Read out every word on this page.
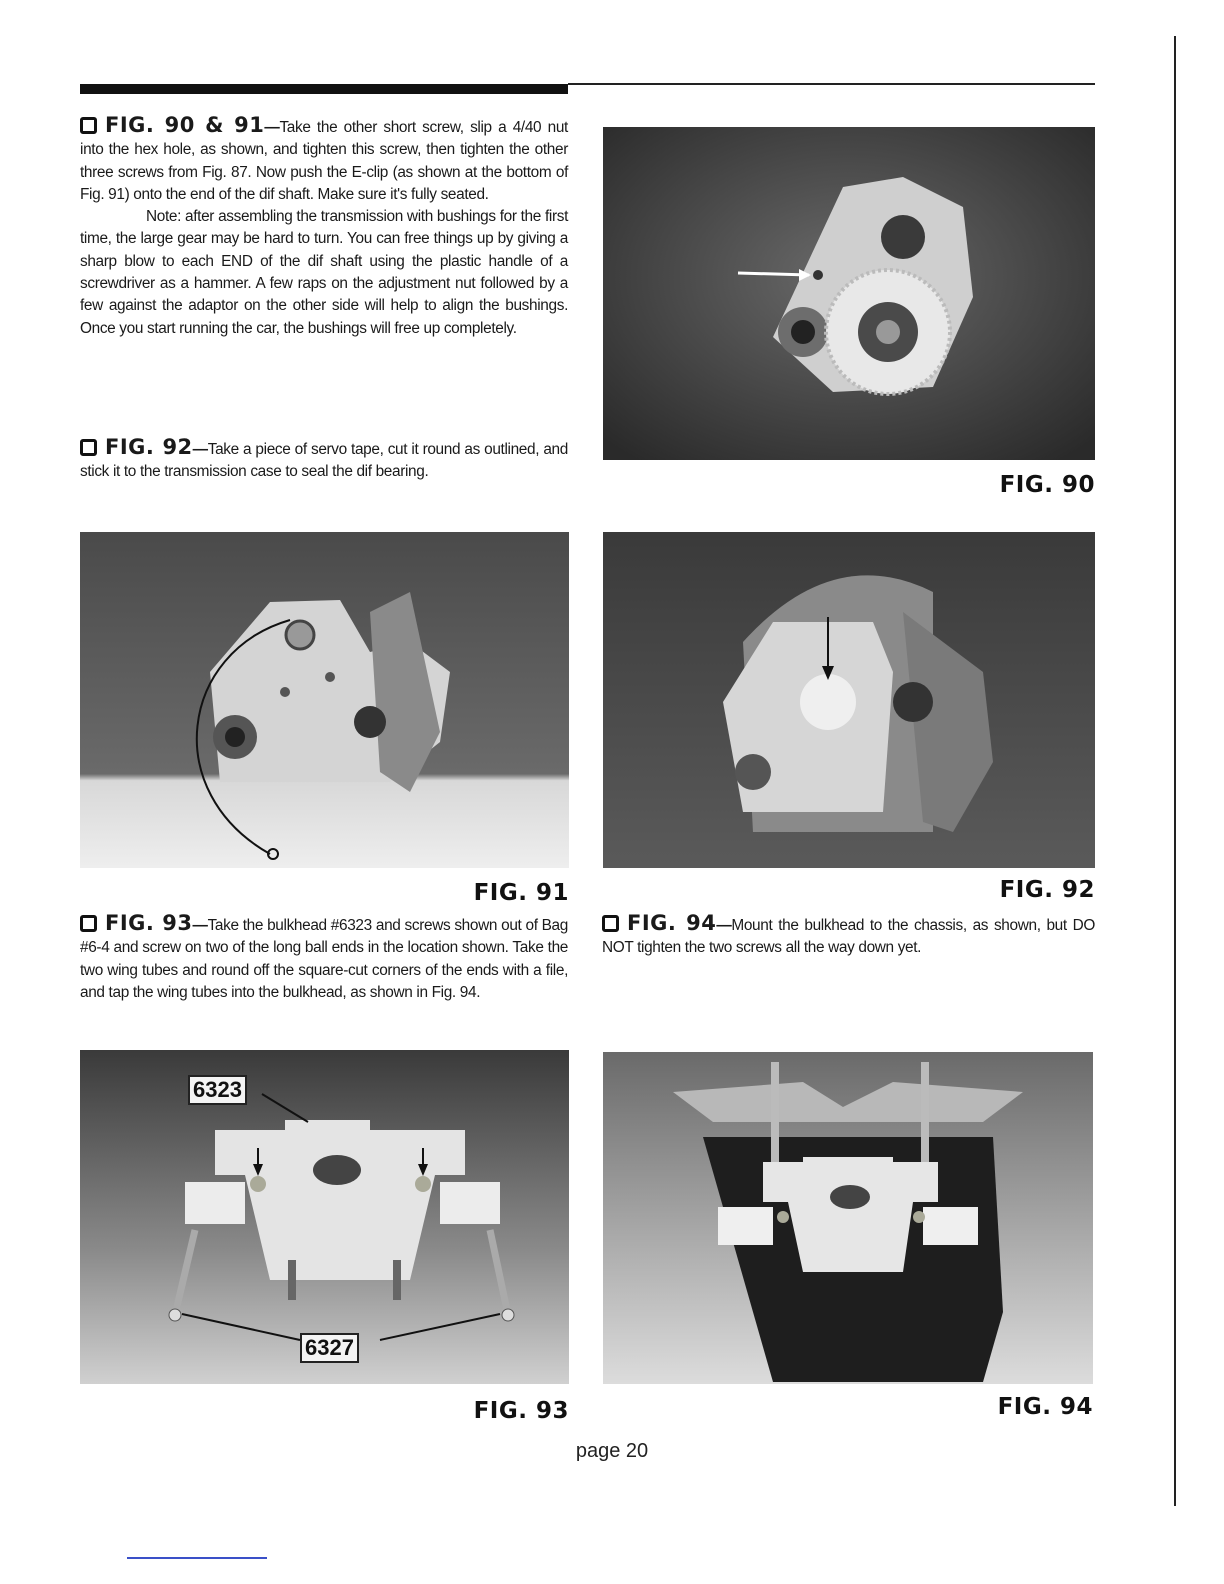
FIG. 90 & 91—Take the other short screw, slip a 4/40 nut into the hex hole, as shown, and tighten this screw, then tighten the other three screws from Fig. 87. Now push the E-clip (as shown at the bottom of Fig. 91) onto the end of the dif shaft. Make sure it's fully seated.

Note: after assembling the transmission with bushings for the first time, the large gear may be hard to turn. You can free things up by giving a sharp blow to each END of the dif shaft using the plastic handle of a screwdriver as a hammer. A few raps on the adjustment nut followed by a few against the adaptor on the other side will help to align the bushings. Once you start running the car, the bushings will free up completely.

FIG. 92—Take a piece of servo tape, cut it round as outlined, and stick it to the transmission case to seal the dif bearing.

FIG. 93—Take the bulkhead #6323 and screws shown out of Bag #6-4 and screw on two of the long ball ends in the location shown. Take the two wing tubes and round off the square-cut corners of the ends with a file, and tap the wing tubes into the bulkhead, as shown in Fig. 94.

FIG. 94—Mount the bulkhead to the chassis, as shown, but DO NOT tighten the two screws all the way down yet.

FIG. 90
FIG. 91	FIG. 92
6323
6327
FIG. 93	FIG. 94
page 20
